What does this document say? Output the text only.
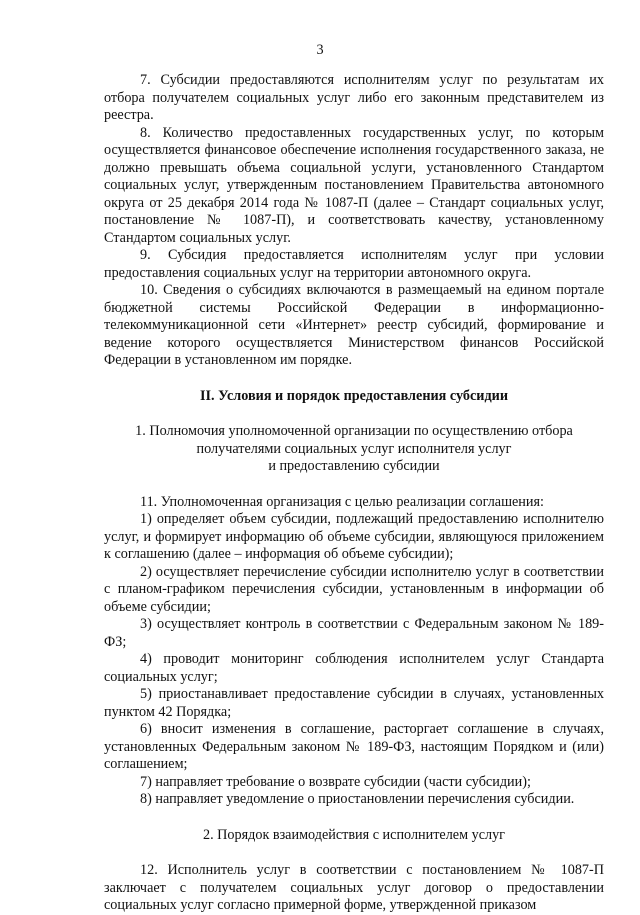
3

7. Субсидии предоставляются исполнителям услуг по результатам их отбора получателем социальных услуг либо его законным представителем из реестра.

8. Количество предоставленных государственных услуг, по которым осуществляется финансовое обеспечение исполнения государственного заказа, не должно превышать объема социальной услуги, установленного Стандартом социальных услуг, утвержденным постановлением Правительства автономного округа от 25 декабря 2014 года № 1087-П (далее – Стандарт социальных услуг, постановление № 1087-П), и соответствовать качеству, установленному Стандартом социальных услуг.

9. Субсидия предоставляется исполнителям услуг при условии предоставления социальных услуг на территории автономного округа.

10. Сведения о субсидиях включаются в размещаемый на едином портале бюджетной системы Российской Федерации в информационно-телекоммуникационной сети «Интернет» реестр субсидий, формирование и ведение которого осуществляется Министерством финансов Российской Федерации в установленном им порядке.

II. Условия и порядок предоставления субсидии
1. Полномочия уполномоченной организации по осуществлению отбора
получателями социальных услуг исполнителя услуг
и предоставлению субсидии

11. Уполномоченная организация с целью реализации соглашения:

1) определяет объем субсидии, подлежащий предоставлению исполнителю услуг, и формирует информацию об объеме субсидии, являющуюся приложением к соглашению (далее – информация об объеме субсидии);

2) осуществляет перечисление субсидии исполнителю услуг в соответствии с планом-графиком перечисления субсидии, установленным в информации об объеме субсидии;

3) осуществляет контроль в соответствии с Федеральным законом № 189-ФЗ;

4) проводит мониторинг соблюдения исполнителем услуг Стандарта социальных услуг;

5) приостанавливает предоставление субсидии в случаях, установленных пунктом 42 Порядка;

6) вносит изменения в соглашение, расторгает соглашение в случаях, установленных Федеральным законом № 189-ФЗ, настоящим Порядком и (или) соглашением;

7) направляет требование о возврате субсидии (части субсидии);

8) направляет уведомление о приостановлении перечисления субсидии.

2. Порядок взаимодействия с исполнителем услуг

12. Исполнитель услуг в соответствии с постановлением № 1087-П заключает с получателем социальных услуг договор о предоставлении социальных услуг согласно примерной форме, утвержденной приказом
